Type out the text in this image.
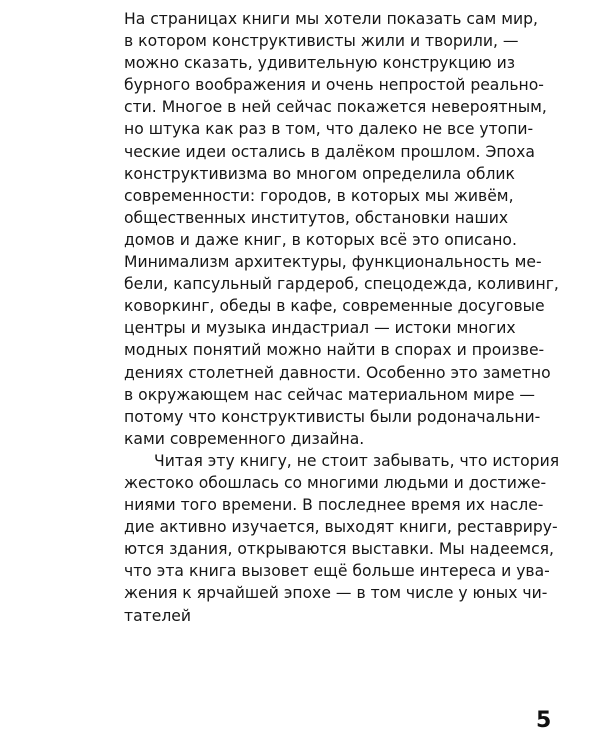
На страницах книги мы хотели показать сам мир,
в котором конструктивисты жили и творили, —
можно сказать, удивительную конструкцию из
бурного воображения и очень непростой реально-
сти. Многое в ней сейчас покажется невероятным,
но штука как раз в том, что далеко не все утопи-
ческие идеи остались в далёком прошлом. Эпоха
конструктивизма во многом определила облик
современности: городов, в которых мы живём,
общественных институтов, обстановки наших
домов и даже книг, в которых всё это описано.
Минимализм архитектуры, функциональность ме-
бели, капсульный гардероб, спецодежда, коливинг,
коворкинг, обеды в кафе, современные досуговые
центры и музыка индастриал — истоки многих
модных понятий можно найти в спорах и произве-
дениях столетней давности. Особенно это заметно
в окружающем нас сейчас материальном мире —
потому что конструктивисты были родоначальни-
ками современного дизайна.
Читая эту книгу, не стоит забывать, что история
жестоко обошлась со многими людьми и достиже-
ниями того времени. В последнее время их насле-
дие активно изучается, выходят книги, реставриру-
ются здания, открываются выставки. Мы надеемся,
что эта книга вызовет ещё больше интереса и ува-
жения к ярчайшей эпохе — в том числе у юных чи-
тателей
5
